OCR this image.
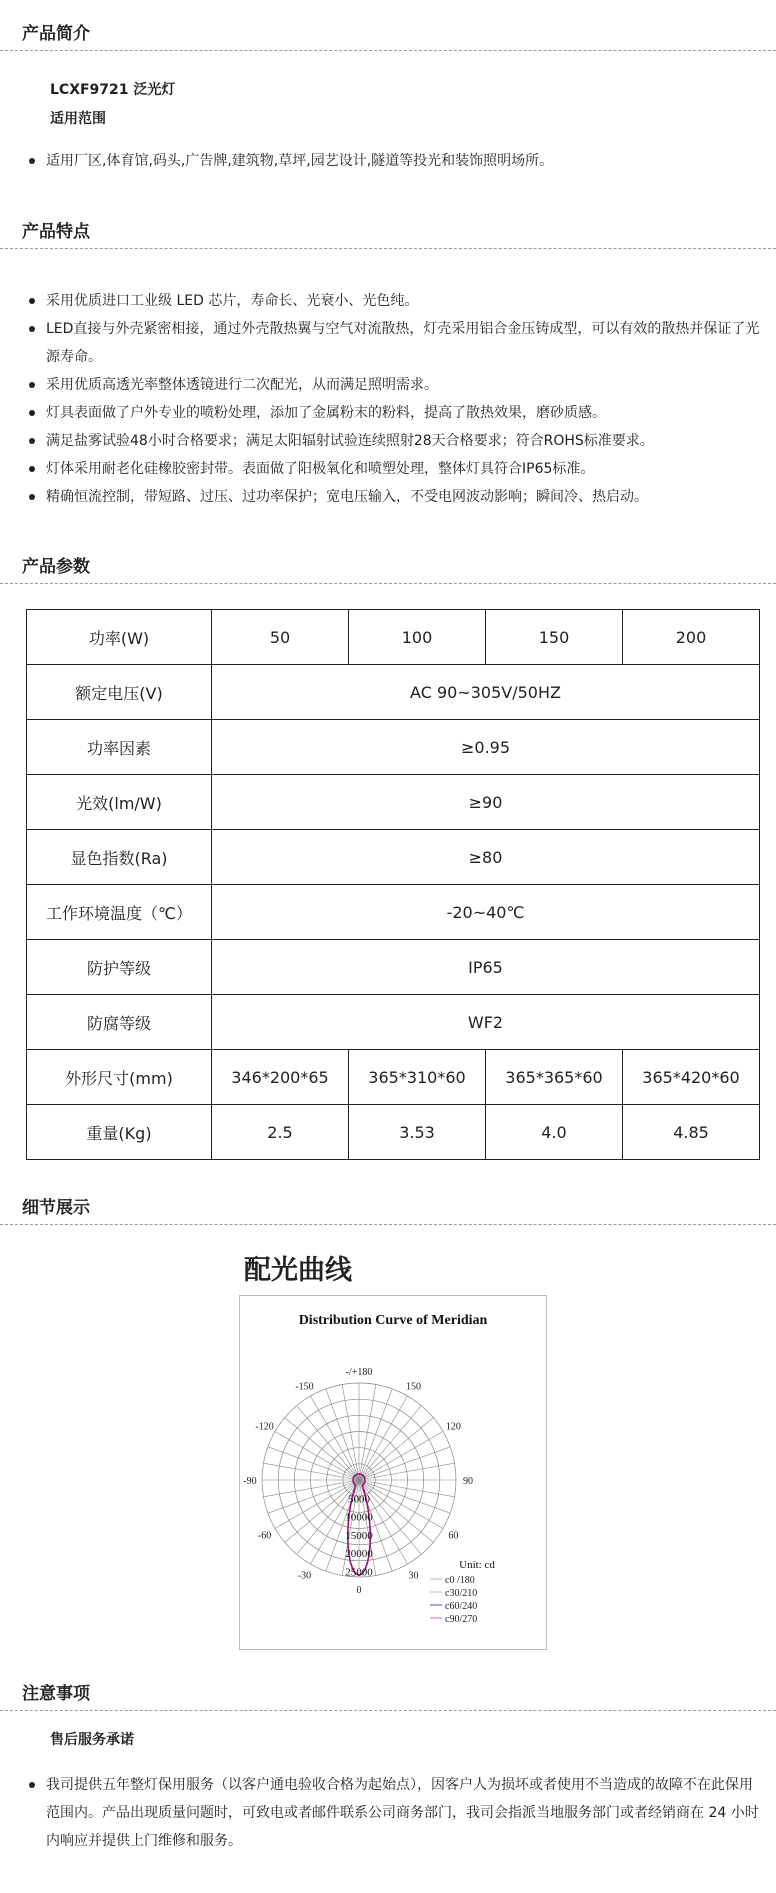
产品简介
LCXF9721 泛光灯
适用范围
适用厂区,体育馆,码头,广告牌,建筑物,草坪,园艺设计,隧道等投光和装饰照明场所。
产品特点
采用优质进口工业级 LED 芯片，寿命长、光衰小、光色纯。
LED直接与外壳紧密相接，通过外壳散热翼与空气对流散热，灯壳采用铝合金压铸成型，可以有效的散热并保证了光源寿命。
采用优质高透光率整体透镜进行二次配光，从而满足照明需求。
灯具表面做了户外专业的喷粉处理，添加了金属粉末的粉料，提高了散热效果，磨砂质感。
满足盐雾试验48小时合格要求；满足太阳辐射试验连续照射28天合格要求；符合ROHS标准要求。
灯体采用耐老化硅橡胶密封带。表面做了阳极氧化和喷塑处理，整体灯具符合IP65标准。
精确恒流控制，带短路、过压、过功率保护；宽电压输入，不受电网波动影响；瞬间冷、热启动。
产品参数
功率(W)	50	100	150	200
额定电压(V)	AC 90~305V/50HZ			
功率因素	≥0.95			
光效(lm/W)	≥90			
显色指数(Ra)	≥80			
工作环境温度（℃）	-20~40℃			
防护等级	IP65			
防腐等级	WF2			
外形尺寸(mm)	346*200*65	365*310*60	365*365*60	365*420*60
重量(Kg)	2.5	3.53	4.0	4.85
细节展示
配光曲线
Distribution Curve of Meridian
-/+180
-150	150
-120	120
-90	90
-60	60
-30	30
0
5000
10000
15000
20000
25000
Unit: cd
c0 /180
c30/210
c60/240
c90/270
注意事项
售后服务承诺
我司提供五年整灯保用服务（以客户通电验收合格为起始点），因客户人为损坏或者使用不当造成的故障不在此保用范围内。产品出现质量问题时，可致电或者邮件联系公司商务部门，我司会指派当地服务部门或者经销商在 24 小时内响应并提供上门维修和服务。
